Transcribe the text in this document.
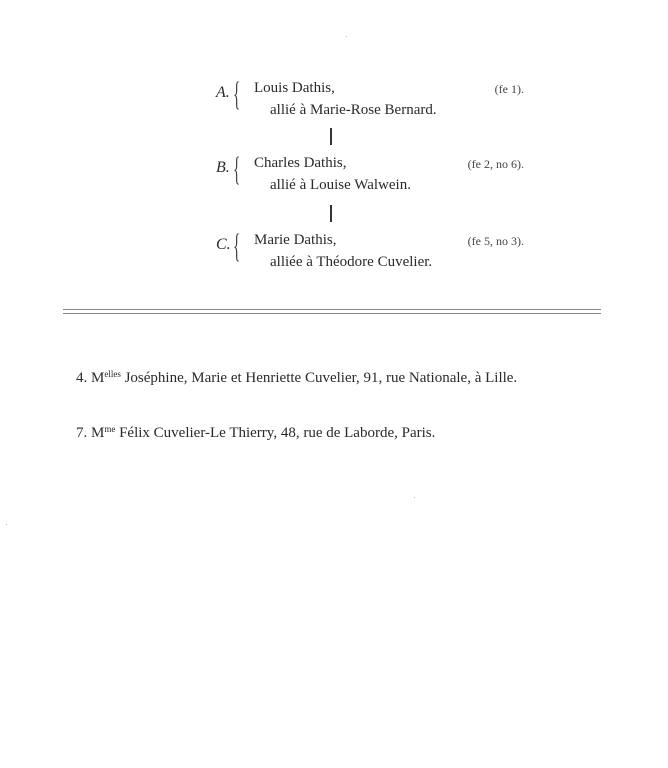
A. { Louis Dathis,	(fe 1).
allié à Marie-Rose Bernard.
B. { Charles Dathis,	(fe 2, no 6).
allié à Louise Walwein.
C. { Marie Dathis,	(fe 5, no 3).
alliée à Théodore Cuvelier.
4. $M^{elles}$ Joséphine, Marie et Henriette Cuvelier, 91, rue Nationale, à Lille.
7. $M^{me}$ Félix Cuvelier-Le Thierry, 48, rue de Laborde, Paris.
